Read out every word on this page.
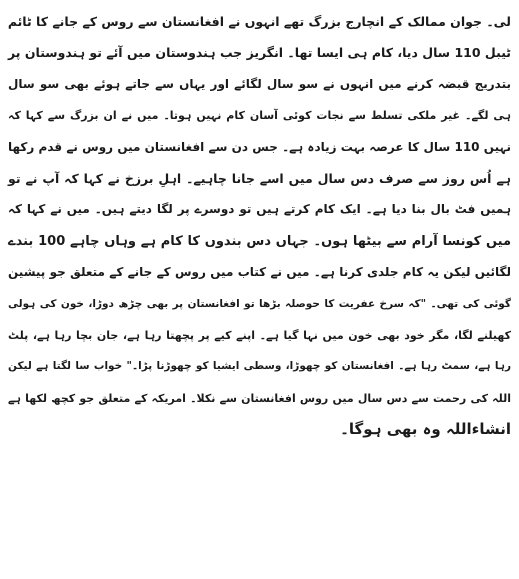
لی۔ جوان ممالک کے انچارج بزرگ تھے انہوں نے افغانستان سے روس کے جانے کا ٹائم
ٹیبل 110 سال دیا، کام ہی ایسا تھا۔ انگریز جب ہندوستان میں آئے تو ہندوستان پر
بتدریج قبضہ کرنے میں انہوں نے سو سال لگائے اور یہاں سے جاتے ہوئے بھی سو سال
ہی لگے۔ غیر ملکی تسلط سے نجات کوئی آسان کام نہیں ہوتا۔ میں نے ان بزرگ سے کہا کہ
نہیں 110 سال کا عرصہ بہت زیادہ ہے۔ جس دن سے افغانستان میں روس نے قدم رکھا
ہے اُس روز سے صرف دس سال میں اسے جانا چاہیے۔ اہلِ برزخ نے کہا کہ آپ نے تو
ہمیں فٹ بال بنا دیا ہے۔ ایک کام کرتے ہیں تو دوسرے پر لگا دیتے ہیں۔ میں نے کہا کہ
میں کونسا آرام سے بیٹھا ہوں۔ جہاں دس بندوں کا کام ہے وہاں چاہے 100 بندے
لگائیں لیکن یہ کام جلدی کرنا ہے۔ میں نے کتاب میں روس کے جانے کے متعلق جو پیشین
گوئی کی تھی۔ "کہ سرخ عفریت کا حوصلہ بڑھا تو افغانستان پر بھی چڑھ دوڑا، خون کی ہولی
کھیلنے لگا، مگر خود بھی خون میں نہا گیا ہے۔ اپنے کیے پر پچھتا رہا ہے، جان بچا رہا ہے، پلٹ
رہا ہے، سمٹ رہا ہے۔ افغانستان کو چھوڑا، وسطی ایشیا کو چھوڑنا پڑا۔" خواب سا لگتا ہے لیکن
اللہ کی رحمت سے دس سال میں روس افغانستان سے نکلا۔ امریکہ کے متعلق جو کچھ لکھا ہے
انشاءاللہ وہ بھی ہوگا۔
